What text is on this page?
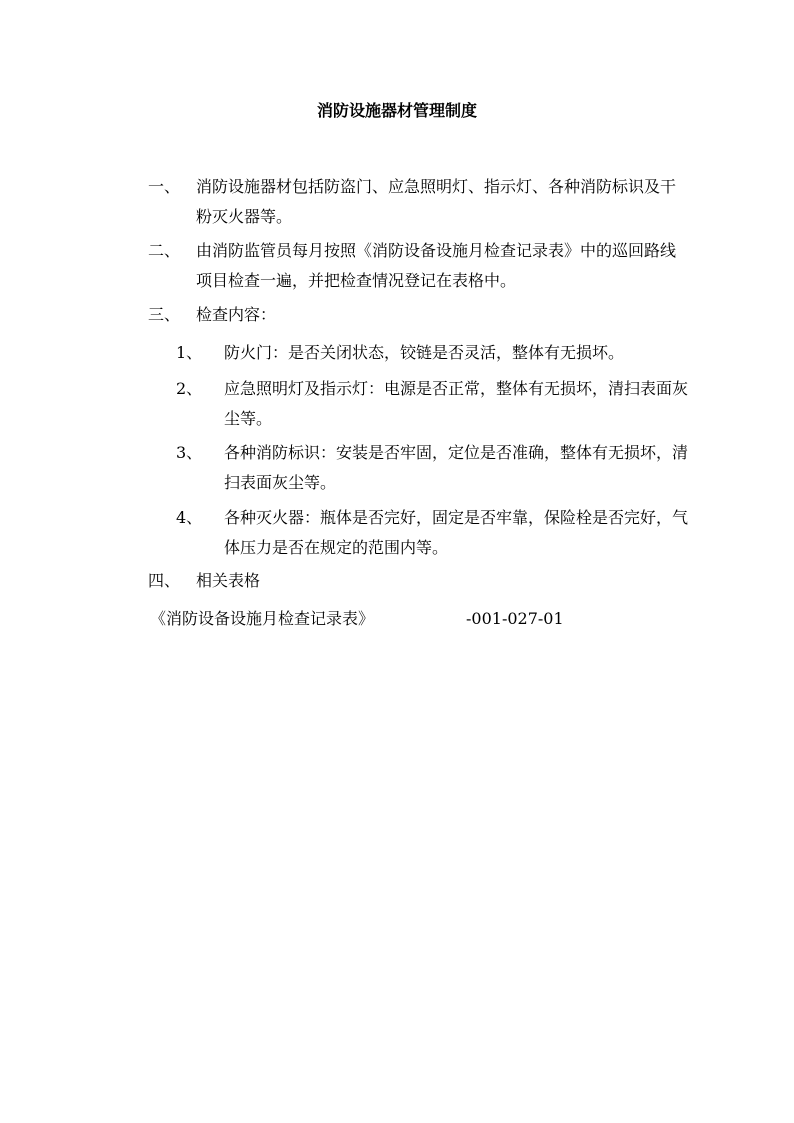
消防设施器材管理制度
一、 消防设施器材包括防盗门、应急照明灯、指示灯、各种消防标识及干粉灭火器等。
二、 由消防监管员每月按照《消防设备设施月检查记录表》中的巡回路线项目检查一遍，并把检查情况登记在表格中。
三、 检查内容：
1、	防火门：是否关闭状态，铰链是否灵活，整体有无损坏。
2、	应急照明灯及指示灯：电源是否正常，整体有无损坏，清扫表面灰尘等。
3、	各种消防标识：安装是否牢固，定位是否准确，整体有无损坏，清扫表面灰尘等。
4、	各种灭火器：瓶体是否完好，固定是否牢靠，保险栓是否完好，气体压力是否在规定的范围内等。
四、 相关表格
《消防设备设施月检查记录表》	-001-027-01
